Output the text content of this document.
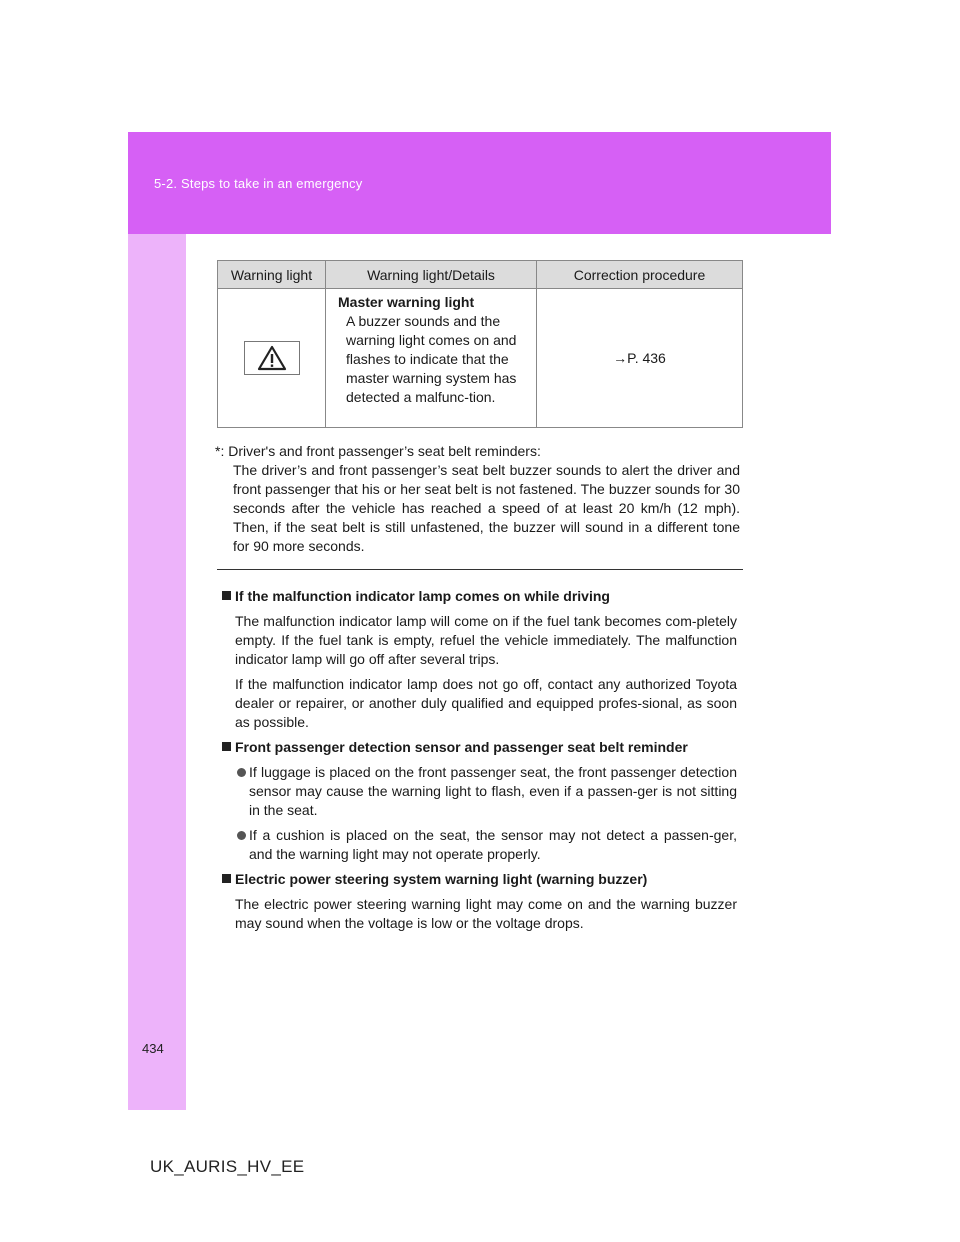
5-2. Steps to take in an emergency
Warning light	Warning light/Details	Correction procedure

Master warning light
A buzzer sounds and the warning light comes on and flashes to indicate that the master warning system has detected a malfunc-tion.	→P. 436
*: Driver's and front passenger’s seat belt reminders:
The driver’s and front passenger’s seat belt buzzer sounds to alert the driver and front passenger that his or her seat belt is not fastened. The buzzer sounds for 30 seconds after the vehicle has reached a speed of at least 20 km/h (12 mph). Then, if the seat belt is still unfastened, the buzzer will sound in a different tone for 90 more seconds.
If the malfunction indicator lamp comes on while driving
The malfunction indicator lamp will come on if the fuel tank becomes com-pletely empty. If the fuel tank is empty, refuel the vehicle immediately. The malfunction indicator lamp will go off after several trips.
If the malfunction indicator lamp does not go off, contact any authorized Toyota dealer or repairer, or another duly qualified and equipped profes-sional, as soon as possible.
Front passenger detection sensor and passenger seat belt reminder
If luggage is placed on the front passenger seat, the front passenger detection sensor may cause the warning light to flash, even if a passen-ger is not sitting in the seat.
If a cushion is placed on the seat, the sensor may not detect a passen-ger, and the warning light may not operate properly.
Electric power steering system warning light (warning buzzer)
The electric power steering warning light may come on and the warning buzzer may sound when the voltage is low or the voltage drops.
434
UK_AURIS_HV_EE
